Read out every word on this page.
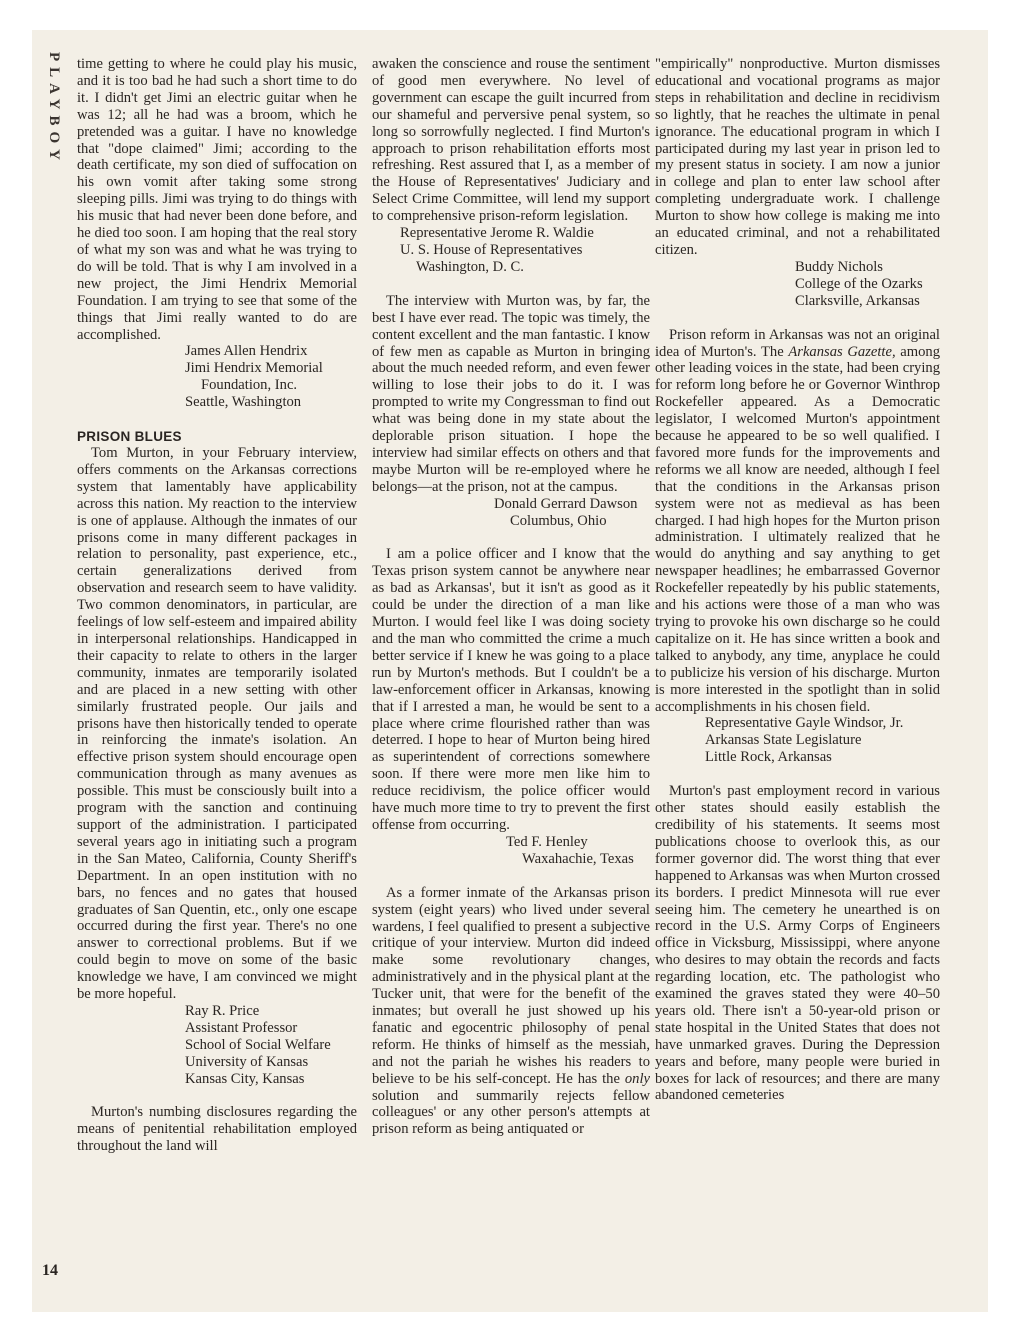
PLAYBOY
14

time getting to where he could play his music, and it is too bad he had such a short time to do it. I didn't get Jimi an electric guitar when he was 12; all he had was a broom, which he pretended was a guitar. I have no knowledge that "dope claimed" Jimi; according to the death certificate, my son died of suffocation on his own vomit after taking some strong sleeping pills. Jimi was trying to do things with his music that had never been done before, and he died too soon. I am hoping that the real story of what my son was and what he was trying to do will be told. That is why I am involved in a new project, the Jimi Hendrix Memorial Foundation. I am trying to see that some of the things that Jimi really wanted to do are accomplished.

James Allen Hendrix
Jimi Hendrix Memorial
Foundation, Inc.
Seattle, Washington
PRISON BLUES

Tom Murton, in your February interview, offers comments on the Arkansas corrections system that lamentably have applicability across this nation. My reaction to the interview is one of applause. Although the inmates of our prisons come in many different packages in relation to personality, past experience, etc., certain generalizations derived from observation and research seem to have validity. Two common denominators, in particular, are feelings of low self-esteem and impaired ability in interpersonal relationships. Handicapped in their capacity to relate to others in the larger community, inmates are temporarily isolated and are placed in a new setting with other similarly frustrated people. Our jails and prisons have then historically tended to operate in reinforcing the inmate's isolation. An effective prison system should encourage open communication through as many avenues as possible. This must be consciously built into a program with the sanction and continuing support of the administration. I participated several years ago in initiating such a program in the San Mateo, California, County Sheriff's Department. In an open institution with no bars, no fences and no gates that housed graduates of San Quentin, etc., only one escape occurred during the first year. There's no one answer to correctional problems. But if we could begin to move on some of the basic knowledge we have, I am convinced we might be more hopeful.

Ray R. Price
Assistant Professor
School of Social Welfare
University of Kansas
Kansas City, Kansas

Murton's numbing disclosures regarding the means of penitential rehabilitation employed throughout the land will

awaken the conscience and rouse the sentiment of good men everywhere. No level of government can escape the guilt incurred from our shameful and perversive penal system, so long so sorrowfully neglected. I find Murton's approach to prison rehabilitation efforts most refreshing. Rest assured that I, as a member of the House of Representatives' Judiciary and Select Crime Committee, will lend my support to comprehensive prison-reform legislation.

Representative Jerome R. Waldie
U. S. House of Representatives
Washington, D. C.

The interview with Murton was, by far, the best I have ever read. The topic was timely, the content excellent and the man fantastic. I know of few men as capable as Murton in bringing about the much needed reform, and even fewer willing to lose their jobs to do it. I was prompted to write my Congressman to find out what was being done in my state about the deplorable prison situation. I hope the interview had similar effects on others and that maybe Murton will be re-employed where he belongs—at the prison, not at the campus.

Donald Gerrard Dawson
Columbus, Ohio

I am a police officer and I know that the Texas prison system cannot be anywhere near as bad as Arkansas', but it isn't as good as it could be under the direction of a man like Murton. I would feel like I was doing society and the man who committed the crime a much better service if I knew he was going to a place run by Murton's methods. But I couldn't be a law-enforcement officer in Arkansas, knowing that if I arrested a man, he would be sent to a place where crime flourished rather than was deterred. I hope to hear of Murton being hired as superintendent of corrections somewhere soon. If there were more men like him to reduce recidivism, the police officer would have much more time to try to prevent the first offense from occurring.

Ted F. Henley
Waxahachie, Texas

As a former inmate of the Arkansas prison system (eight years) who lived under several wardens, I feel qualified to present a subjective critique of your interview. Murton did indeed make some revolutionary changes, administratively and in the physical plant at the Tucker unit, that were for the benefit of the inmates; but overall he just showed up his fanatic and egocentric philosophy of penal reform. He thinks of himself as the messiah, and not the pariah he wishes his readers to believe to be his self-concept. He has the only solution and summarily rejects fellow colleagues' or any other person's attempts at prison reform as being antiquated or

"empirically" nonproductive. Murton dismisses educational and vocational programs as major steps in rehabilitation and decline in recidivism so lightly, that he reaches the ultimate in penal ignorance. The educational program in which I participated during my last year in prison led to my present status in society. I am now a junior in college and plan to enter law school after completing undergraduate work. I challenge Murton to show how college is making me into an educated criminal, and not a rehabilitated citizen.

Buddy Nichols
College of the Ozarks
Clarksville, Arkansas

Prison reform in Arkansas was not an original idea of Murton's. The Arkansas Gazette, among other leading voices in the state, had been crying for reform long before he or Governor Winthrop Rockefeller appeared. As a Democratic legislator, I welcomed Murton's appointment because he appeared to be so well qualified. I favored more funds for the improvements and reforms we all know are needed, although I feel that the conditions in the Arkansas prison system were not as medieval as has been charged. I had high hopes for the Murton prison administration. I ultimately realized that he would do anything and say anything to get newspaper headlines; he embarrassed Governor Rockefeller repeatedly by his public statements, and his actions were those of a man who was trying to provoke his own discharge so he could capitalize on it. He has since written a book and talked to anybody, any time, anyplace he could to publicize his version of his discharge. Murton is more interested in the spotlight than in solid accomplishments in his chosen field.

Representative Gayle Windsor, Jr.
Arkansas State Legislature
Little Rock, Arkansas

Murton's past employment record in various other states should easily establish the credibility of his statements. It seems most publications choose to overlook this, as our former governor did. The worst thing that ever happened to Arkansas was when Murton crossed its borders. I predict Minnesota will rue ever seeing him. The cemetery he unearthed is on record in the U.S. Army Corps of Engineers office in Vicksburg, Mississippi, where anyone who desires to may obtain the records and facts regarding location, etc. The pathologist who examined the graves stated they were 40–50 years old. There isn't a 50-year-old prison or state hospital in the United States that does not have unmarked graves. During the Depression years and before, many people were buried in boxes for lack of resources; and there are many abandoned cemeteries
